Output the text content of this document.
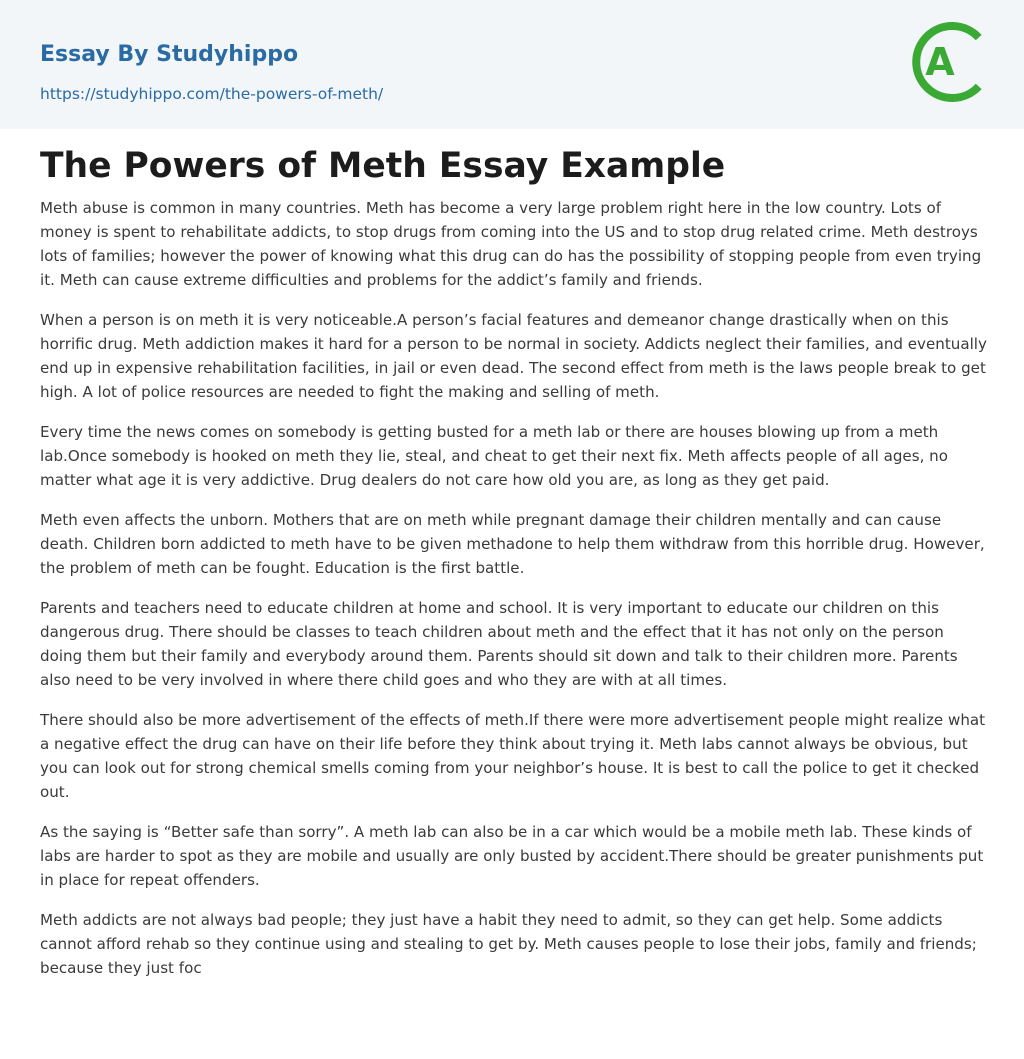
Essay By Studyhippo
https://studyhippo.com/the-powers-of-meth/
A
The Powers of Meth Essay Example

Meth abuse is common in many countries. Meth has become a very large problem right here in the low country. Lots of money is spent to rehabilitate addicts, to stop drugs from coming into the US and to stop drug related crime. Meth destroys lots of families; however the power of knowing what this drug can do has the possibility of stopping people from even trying it. Meth can cause extreme difficulties and problems for the addict’s family and friends.

When a person is on meth it is very noticeable.A person’s facial features and demeanor change drastically when on this horrific drug. Meth addiction makes it hard for a person to be normal in society. Addicts neglect their families, and eventually end up in expensive rehabilitation facilities, in jail or even dead. The second effect from meth is the laws people break to get high. A lot of police resources are needed to fight the making and selling of meth.

Every time the news comes on somebody is getting busted for a meth lab or there are houses blowing up from a meth lab.Once somebody is hooked on meth they lie, steal, and cheat to get their next fix. Meth affects people of all ages, no matter what age it is very addictive. Drug dealers do not care how old you are, as long as they get paid.

Meth even affects the unborn. Mothers that are on meth while pregnant damage their children mentally and can cause death. Children born addicted to meth have to be given methadone to help them withdraw from this horrible drug. However, the problem of meth can be fought. Education is the first battle.

Parents and teachers need to educate children at home and school. It is very important to educate our children on this dangerous drug. There should be classes to teach children about meth and the effect that it has not only on the person doing them but their family and everybody around them. Parents should sit down and talk to their children more. Parents also need to be very involved in where there child goes and who they are with at all times.

There should also be more advertisement of the effects of meth.If there were more advertisement people might realize what a negative effect the drug can have on their life before they think about trying it. Meth labs cannot always be obvious, but you can look out for strong chemical smells coming from your neighbor’s house. It is best to call the police to get it checked out.

As the saying is “Better safe than sorry”. A meth lab can also be in a car which would be a mobile meth lab. These kinds of labs are harder to spot as they are mobile and usually are only busted by accident.There should be greater punishments put in place for repeat offenders.

Meth addicts are not always bad people; they just have a habit they need to admit, so they can get help. Some addicts cannot afford rehab so they continue using and stealing to get by. Meth causes people to lose their jobs, family and friends; because they just foc
